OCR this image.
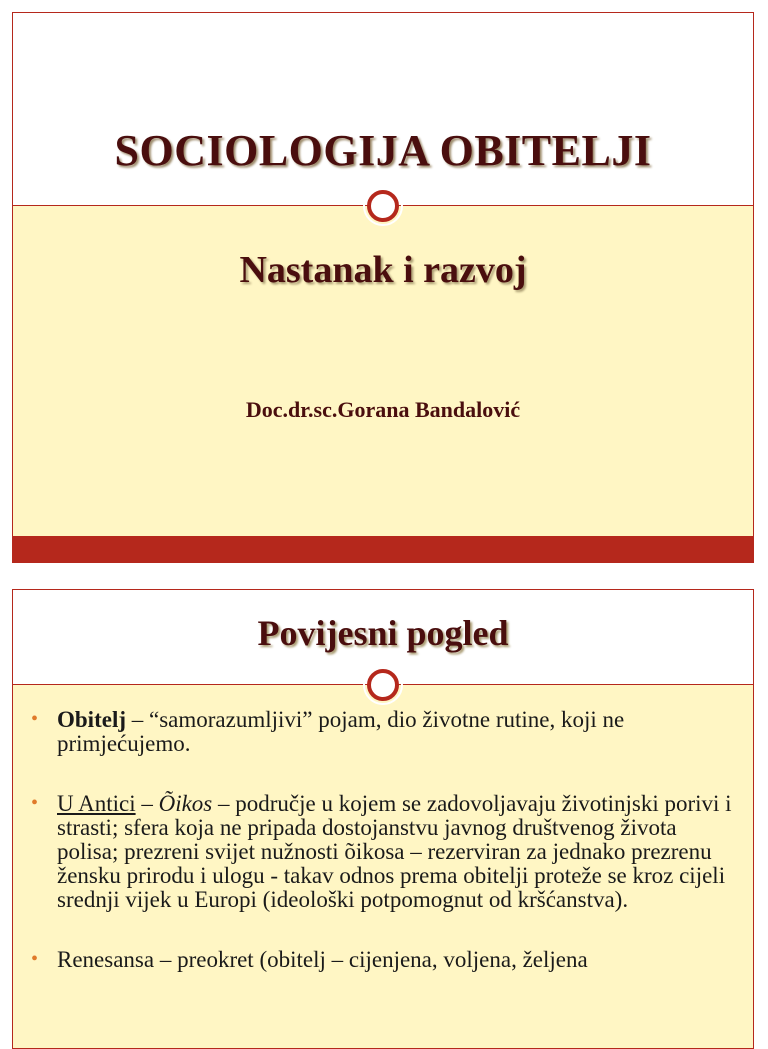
SOCIOLOGIJA OBITELJI
Nastanak i razvoj
Doc.dr.sc.Gorana Bandalović
Povijesni pogled
• Obitelj – “samorazumljivi” pojam, dio životne rutine, koji ne primjećujemo.
• U Antici – Õikos – područje u kojem se zadovoljavaju životinjski porivi i strasti; sfera koja ne pripada dostojanstvu javnog društvenog života polisa; prezreni svijet nužnosti õikosa – rezerviran za jednako prezrenu žensku prirodu i ulogu - takav odnos prema obitelji proteže se kroz cijeli srednji vijek u Europi (ideološki potpomognut od kršćanstva).
• Renesansa – preokret (obitelj – cijenjena, voljena, željena
